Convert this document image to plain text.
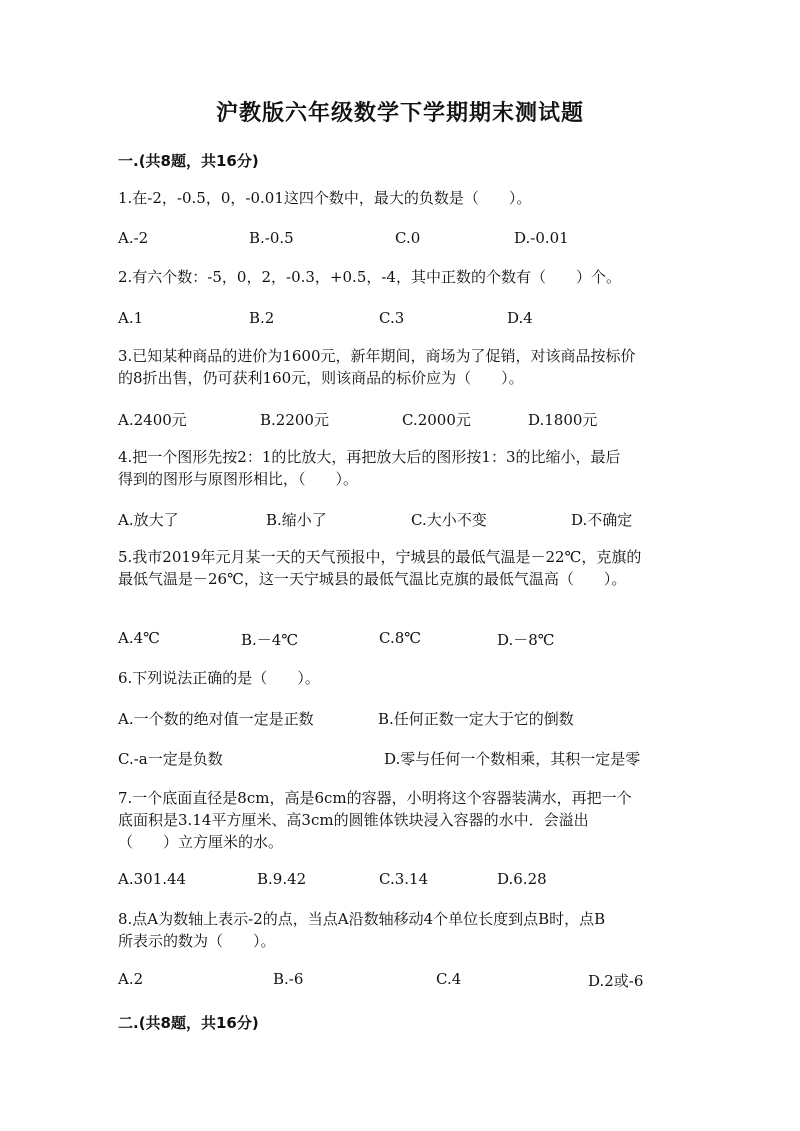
沪教版六年级数学下学期期末测试题
一.(共8题，共16分)
1.在-2，-0.5，0，-0.01这四个数中，最大的负数是（　　）。
A.-2	B.-0.5	C.0	D.-0.01
2.有六个数：-5，0，2，-0.3，+0.5，-4，其中正数的个数有（　　）个。
A.1	B.2	C.3	D.4
3.已知某种商品的进价为1600元，新年期间，商场为了促销，对该商品按标价
的8折出售，仍可获利160元，则该商品的标价应为（　　）。
A.2400元	B.2200元	C.2000元	D.1800元
4.把一个图形先按2：1的比放大，再把放大后的图形按1：3的比缩小，最后
得到的图形与原图形相比，（　　）。
A.放大了	B.缩小了	C.大小不变	D.不确定
5.我市2019年元月某一天的天气预报中，宁城县的最低气温是－22℃，克旗的
最低气温是－26℃，这一天宁城县的最低气温比克旗的最低气温高（　　）。
A.4℃	B.－4℃	C.8℃	D.－8℃
6.下列说法正确的是（　　）。
A.一个数的绝对值一定是正数	B.任何正数一定大于它的倒数
C.-a一定是负数	D.零与任何一个数相乘，其积一定是零
7.一个底面直径是8cm，高是6cm的容器，小明将这个容器装满水，再把一个
底面积是3.14平方厘米、高3cm的圆锥体铁块浸入容器的水中．会溢出
（　　）立方厘米的水。
A.301.44	B.9.42	C.3.14	D.6.28
8.点A为数轴上表示-2的点，当点A沿数轴移动4个单位长度到点B时，点B
所表示的数为（　　）。
A.2	B.-6	C.4	D.2或-6
二.(共8题，共16分)
